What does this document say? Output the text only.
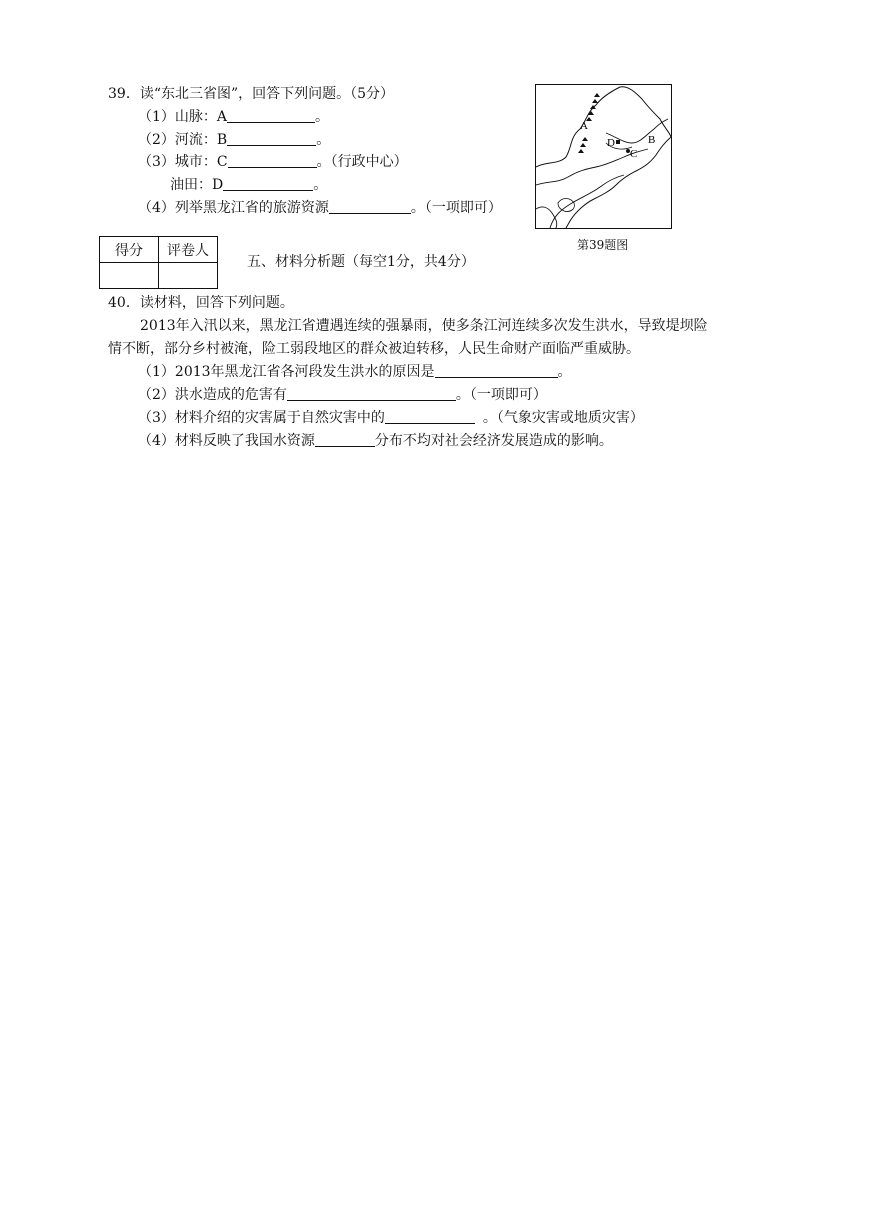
39．读“东北三省图”，回答下列问题。（5分）
（1）山脉：A	。
（2）河流：B	。
（3）城市：C	。（行政中心）
油田：D	。
（4）列举黑龙江省的旅游资源	。（一项即可）
A
D
C
B
第39题图
得分	评卷人

五、材料分析题（每空1分，共4分）
40．读材料，回答下列问题。
2013年入汛以来，黑龙江省遭遇连续的强暴雨，使多条江河连续多次发生洪水，导致堤坝险
情不断，部分乡村被淹，险工弱段地区的群众被迫转移，人民生命财产面临严重威胁。
（1）2013年黑龙江省各河段发生洪水的原因是	。
（2）洪水造成的危害有	。（一项即可）
（3）材料介绍的灾害属于自然灾害中的	。（气象灾害或地质灾害）
（4）材料反映了我国水资源	分布不均对社会经济发展造成的影响。
